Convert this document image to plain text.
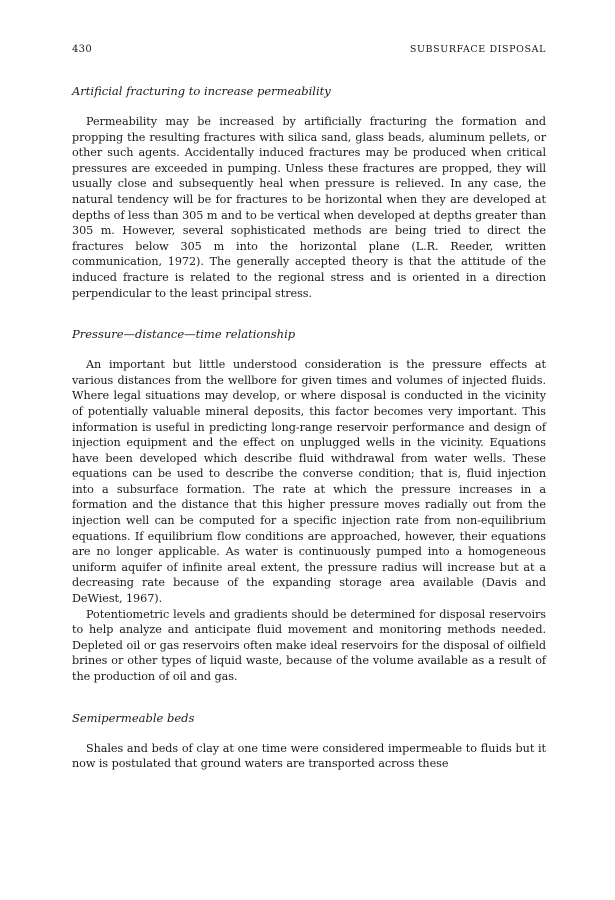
430	SUBSURFACE DISPOSAL
Artificial fracturing to increase permeability

Permeability may be increased by artificially fracturing the formation and propping the resulting fractures with silica sand, glass beads, aluminum pellets, or other such agents. Accidentally induced fractures may be produced when critical pressures are exceeded in pumping. Unless these fractures are propped, they will usually close and subsequently heal when pressure is relieved. In any case, the natural tendency will be for fractures to be horizontal when they are developed at depths of less than 305 m and to be vertical when developed at depths greater than 305 m. However, several sophisticated methods are being tried to direct the fractures below 305 m into the horizontal plane (L.R. Reeder, written communication, 1972). The generally accepted theory is that the attitude of the induced fracture is related to the regional stress and is oriented in a direction perpendicular to the least principal stress.

Pressure—distance—time relationship

An important but little understood consideration is the pressure effects at various distances from the wellbore for given times and volumes of injected fluids. Where legal situations may develop, or where disposal is conducted in the vicinity of potentially valuable mineral deposits, this factor becomes very important. This information is useful in predicting long-range reservoir performance and design of injection equipment and the effect on unplugged wells in the vicinity. Equations have been developed which describe fluid withdrawal from water wells. These equations can be used to describe the converse condition; that is, fluid injection into a subsurface formation. The rate at which the pressure increases in a formation and the distance that this higher pressure moves radially out from the injection well can be computed for a specific injection rate from non-equilibrium equations. If equilibrium flow conditions are approached, however, their equations are no longer applicable. As water is continuously pumped into a homogeneous uniform aquifer of infinite areal extent, the pressure radius will increase but at a decreasing rate because of the expanding storage area available (Davis and DeWiest, 1967).

Potentiometric levels and gradients should be determined for disposal reservoirs to help analyze and anticipate fluid movement and monitoring methods needed. Depleted oil or gas reservoirs often make ideal reservoirs for the disposal of oilfield brines or other types of liquid waste, because of the volume available as a result of the production of oil and gas.

Semipermeable beds

Shales and beds of clay at one time were considered impermeable to fluids but it now is postulated that ground waters are transported across these
